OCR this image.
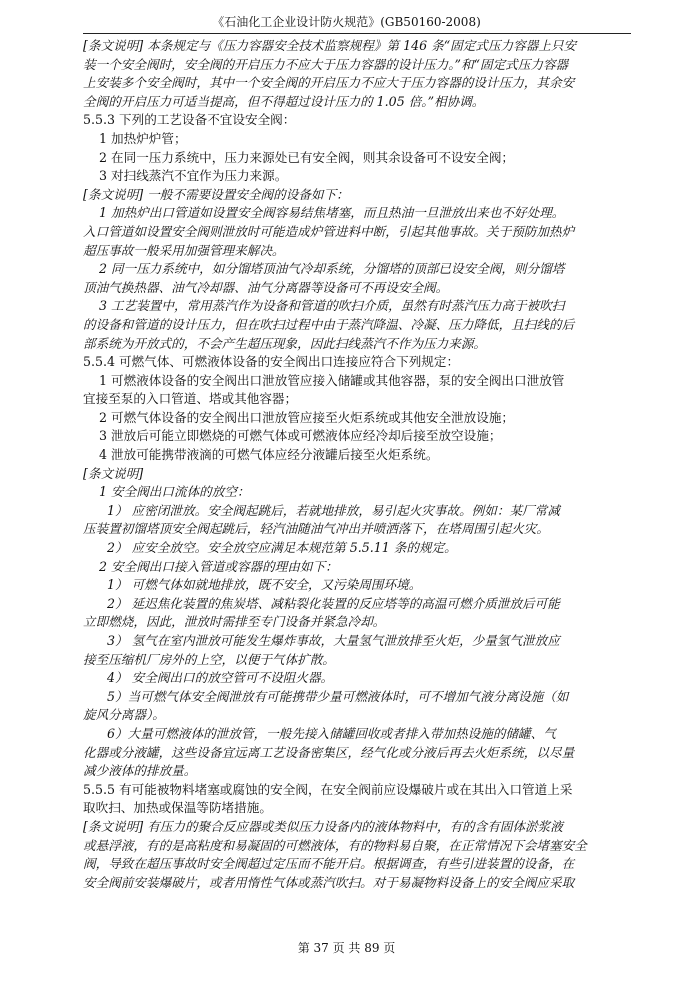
《石油化工企业设计防火规范》(GB50160-2008)
[条文说明] 本条规定与《压力容器安全技术监察规程》第 146 条“固定式压力容器上只安
装一个安全阀时，安全阀的开启压力不应大于压力容器的设计压力。”和“固定式压力容器
上安装多个安全阀时，其中一个安全阀的开启压力不应大于压力容器的设计压力，其余安
全阀的开启压力可适当提高，但不得超过设计压力的 1.05 倍。”相协调。
5.5.3 下列的工艺设备不宜设安全阀：
1 加热炉炉管；
2 在同一压力系统中，压力来源处已有安全阀，则其余设备可不设安全阀；
3 对扫线蒸汽不宜作为压力来源。
[条文说明] 一般不需要设置安全阀的设备如下：
1 加热炉出口管道如设置安全阀容易结焦堵塞，而且热油一旦泄放出来也不好处理。
入口管道如设置安全阀则泄放时可能造成炉管进料中断，引起其他事故。关于预防加热炉
超压事故一般采用加强管理来解决。
2 同一压力系统中，如分馏塔顶油气冷却系统，分馏塔的顶部已设安全阀，则分馏塔
顶油气换热器、油气冷却器、油气分离器等设备可不再设安全阀。
3 工艺装置中，常用蒸汽作为设备和管道的吹扫介质，虽然有时蒸汽压力高于被吹扫
的设备和管道的设计压力，但在吹扫过程中由于蒸汽降温、冷凝、压力降低，且扫线的后
部系统为开放式的，不会产生超压现象，因此扫线蒸汽不作为压力来源。
5.5.4 可燃气体、可燃液体设备的安全阀出口连接应符合下列规定：
1 可燃液体设备的安全阀出口泄放管应接入储罐或其他容器，泵的安全阀出口泄放管
宜接至泵的入口管道、塔或其他容器；
2 可燃气体设备的安全阀出口泄放管应接至火炬系统或其他安全泄放设施；
3 泄放后可能立即燃烧的可燃气体或可燃液体应经冷却后接至放空设施；
4 泄放可能携带液滴的可燃气体应经分液罐后接至火炬系统。
[条文说明]
1 安全阀出口流体的放空：
1） 应密闭泄放。安全阀起跳后，若就地排放，易引起火灾事故。例如：某厂常减
压装置初馏塔顶安全阀起跳后，轻汽油随油气冲出并喷洒落下，在塔周围引起火灾。
2） 应安全放空。安全放空应满足本规范第 5.5.11 条的规定。
2 安全阀出口接入管道或容器的理由如下：
1） 可燃气体如就地排放，既不安全，又污染周围环境。
2） 延迟焦化装置的焦炭塔、减粘裂化装置的反应塔等的高温可燃介质泄放后可能
立即燃烧，因此，泄放时需排至专门设备并紧急冷却。
3） 氢气在室内泄放可能发生爆炸事故，大量氢气泄放排至火炬，少量氢气泄放应
接至压缩机厂房外的上空，以便于气体扩散。
4） 安全阀出口的放空管可不设阻火器。
5）当可燃气体安全阀泄放有可能携带少量可燃液体时，可不增加气液分离设施（如
旋风分离器）。
6）大量可燃液体的泄放管，一般先接入储罐回收或者排入带加热设施的储罐、气
化器或分液罐，这些设备宜远离工艺设备密集区，经气化或分液后再去火炬系统，以尽量
减少液体的排放量。
5.5.5 有可能被物料堵塞或腐蚀的安全阀，在安全阀前应设爆破片或在其出入口管道上采
取吹扫、加热或保温等防堵措施。
[条文说明] 有压力的聚合反应器或类似压力设备内的液体物料中，有的含有固体淤浆液
或悬浮液，有的是高粘度和易凝固的可燃液体，有的物料易自聚，在正常情况下会堵塞安全
阀，导致在超压事故时安全阀超过定压而不能开启。根据调查，有些引进装置的设备，在
安全阀前安装爆破片，或者用惰性气体或蒸汽吹扫。对于易凝物料设备上的安全阀应采取
第 37 页 共 89 页
